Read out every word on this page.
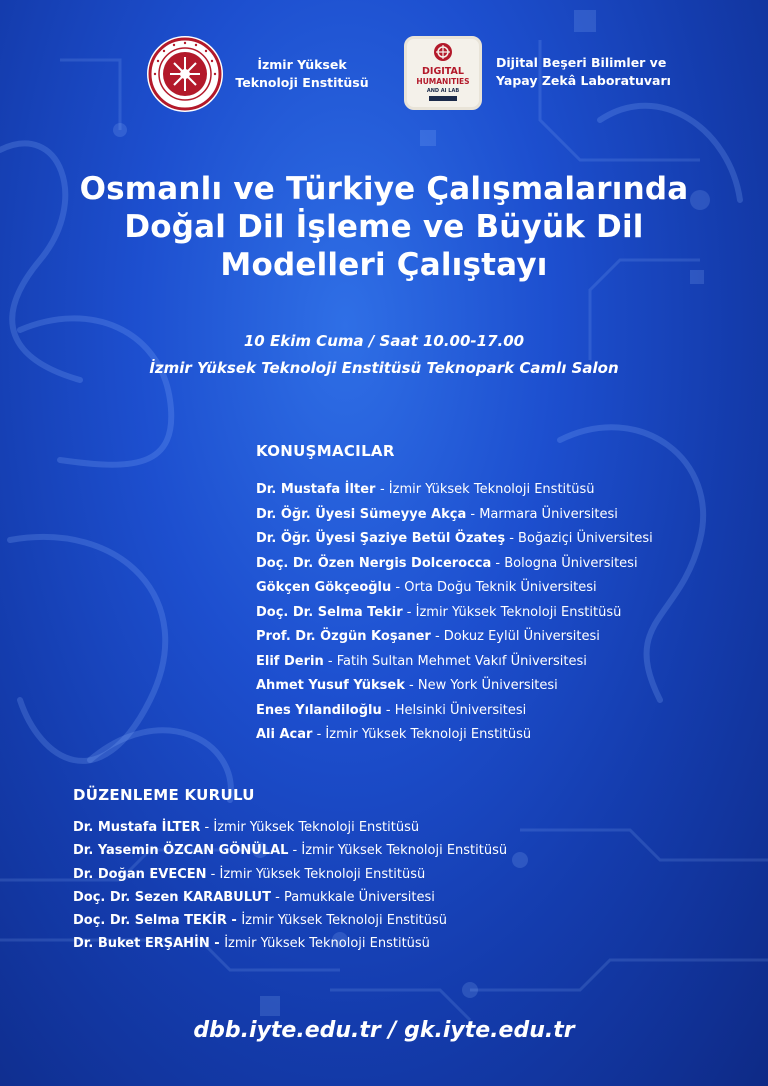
İzmir Yüksek
Teknoloji Enstitüsü
DIGITAL
HUMANITIES
AND AI LAB
Dijital Beşeri Bilimler ve
Yapay Zekâ Laboratuvarı
Osmanlı ve Türkiye Çalışmalarında
Doğal Dil İşleme ve Büyük Dil
Modelleri Çalıştayı
10 Ekim Cuma / Saat 10.00-17.00
İzmir Yüksek Teknoloji Enstitüsü Teknopark Camlı Salon
KONUŞMACILAR
Dr. Mustafa İlter - İzmir Yüksek Teknoloji Enstitüsü
Dr. Öğr. Üyesi Sümeyye Akça - Marmara Üniversitesi
Dr. Öğr. Üyesi Şaziye Betül Özateş - Boğaziçi Üniversitesi
Doç. Dr. Özen Nergis Dolcerocca - Bologna Üniversitesi
Gökçen Gökçeoğlu - Orta Doğu Teknik Üniversitesi
Doç. Dr. Selma Tekir - İzmir Yüksek Teknoloji Enstitüsü
Prof. Dr. Özgün Koşaner - Dokuz Eylül Üniversitesi
Elif Derin - Fatih Sultan Mehmet Vakıf Üniversitesi
Ahmet Yusuf Yüksek - New York Üniversitesi
Enes Yılandiloğlu - Helsinki Üniversitesi
Ali Acar - İzmir Yüksek Teknoloji Enstitüsü
DÜZENLEME KURULU
Dr. Mustafa İLTER - İzmir Yüksek Teknoloji Enstitüsü
Dr. Yasemin ÖZCAN GÖNÜLAL - İzmir Yüksek Teknoloji Enstitüsü
Dr. Doğan EVECEN - İzmir Yüksek Teknoloji Enstitüsü
Doç. Dr. Sezen KARABULUT - Pamukkale Üniversitesi
Doç. Dr. Selma TEKİR - İzmir Yüksek Teknoloji Enstitüsü
Dr. Buket ERŞAHİN - İzmir Yüksek Teknoloji Enstitüsü
dbb.iyte.edu.tr / gk.iyte.edu.tr
